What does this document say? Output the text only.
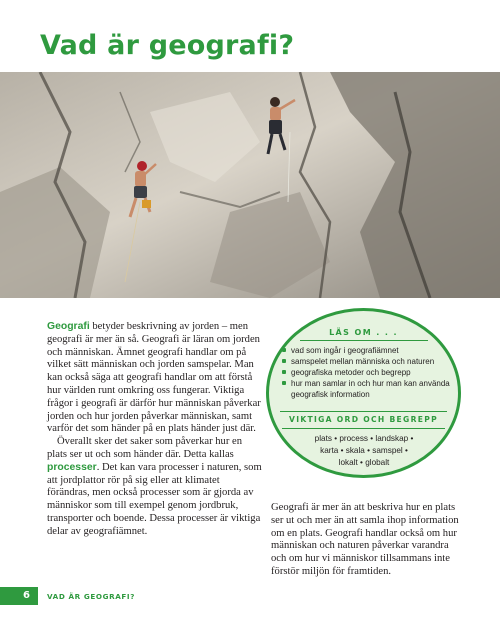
Vad är geografi?

Geografi betyder beskrivning av jorden – men geografi är mer än så. Geografi är läran om jorden och människan. Ämnet geografi handlar om på vilket sätt människan och jorden samspelar. Man kan också säga att geografi handlar om att förstå hur världen runt omkring oss fungerar. Viktiga frågor i geografi är därför hur människan påverkar jorden och hur jorden påverkar människan, samt varför det som händer på en plats händer just där.

Överallt sker det saker som påverkar hur en plats ser ut och som händer där. Detta kallas processer. Det kan vara processer i naturen, som att jordplattor rör på sig eller att klimatet förändras, men också processer som är gjorda av människor som till exempel genom jordbruk, transporter och boende. Dessa processer är viktiga delar av geografiämnet.

LÄS OM . . .
vad som ingår i geografiämnet
samspelet mellan människa och naturen
geografiska metoder och begrepp
hur man samlar in och hur man kan använda geografisk information
VIKTIGA ORD OCH BEGREPP
plats • process • landskap •
karta • skala • samspel •
lokalt • globalt

Geografi är mer än att beskriva hur en plats ser ut och mer än att samla ihop information om en plats. Geografi handlar också om hur människan och naturen påverkar varandra och om hur vi människor tillsammans inte förstör miljön för framtiden.

6	VAD ÄR GEOGRAFI?
